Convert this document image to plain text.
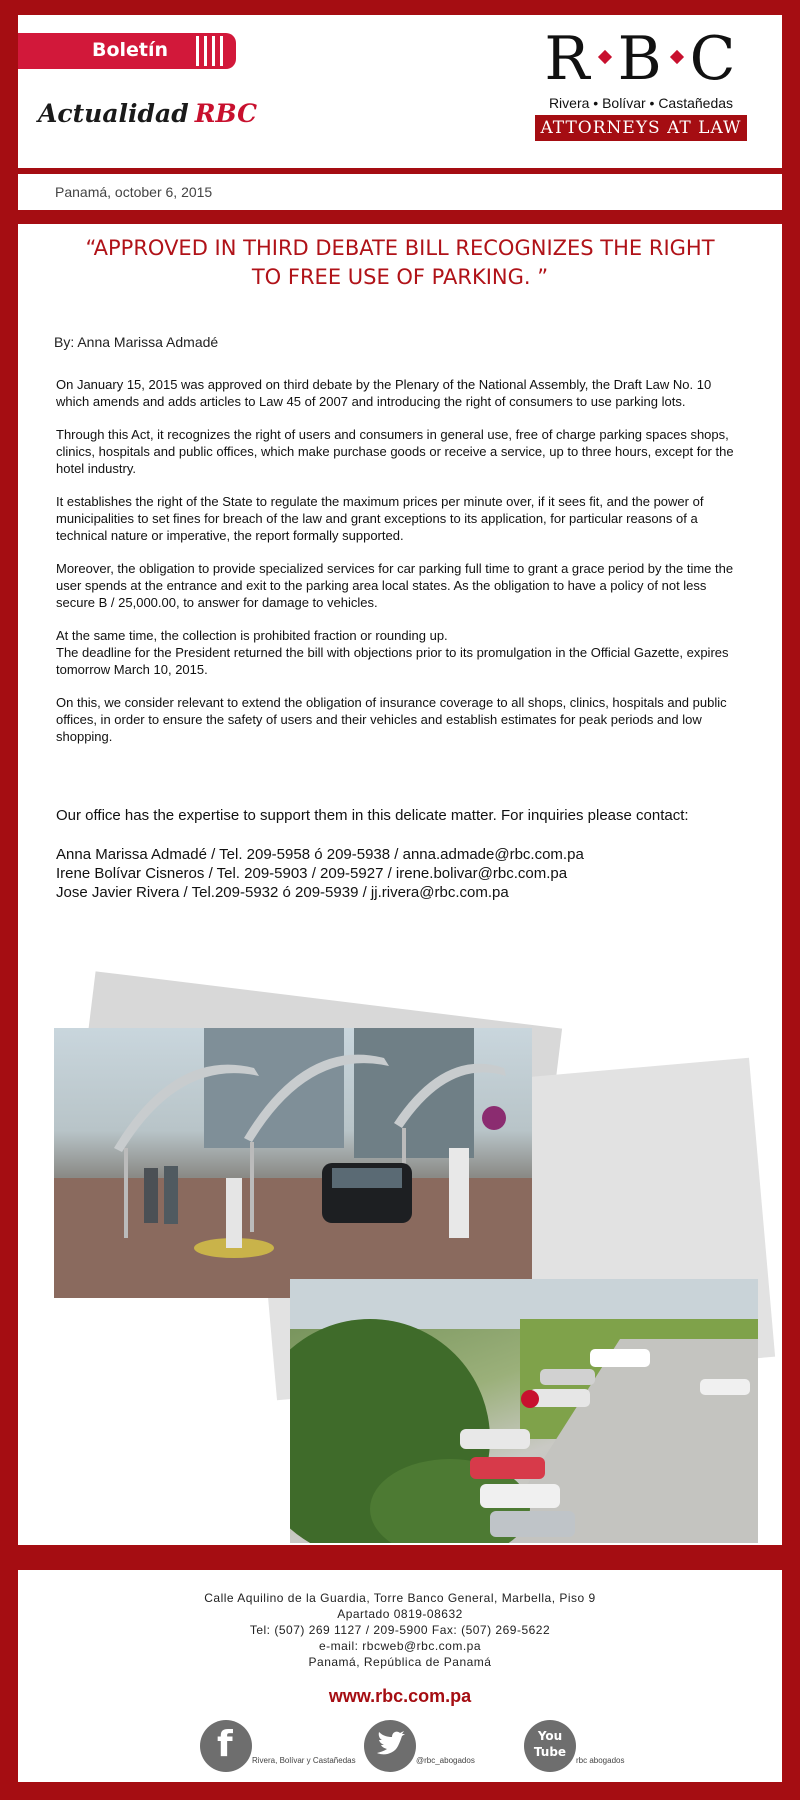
Boletín
Actualidad RBC
R B C
Rivera • Bolívar • Castañedas
ATTORNEYS AT LAW
Panamá, october 6, 2015
“APPROVED IN THIRD DEBATE BILL RECOGNIZES THE RIGHT TO FREE USE OF PARKING. ”
By: Anna Marissa Admadé

On January 15, 2015 was approved on third debate by the Plenary of the National Assembly, the Draft Law No. 10 which amends and adds articles to Law 45 of 2007 and introducing the right of consumers to use parking lots.

Through this Act, it recognizes the right of users and consumers in general use, free of charge parking spaces shops, clinics, hospitals and public offices, which make purchase goods or receive a service, up to three hours, except for the hotel industry.

It establishes the right of the State to regulate the maximum prices per minute over, if it sees fit, and the power of municipalities to set fines for breach of the law and grant exceptions to its application, for particular reasons of a technical nature or imperative, the report formally supported.

Moreover, the obligation to provide specialized services for car parking full time to grant a grace period by the time the user spends at the entrance and exit to the parking area local states. As the obligation to have a policy of not less secure B / 25,000.00, to answer for damage to vehicles.

At the same time, the collection is prohibited fraction or rounding up.

The deadline for the President returned the bill with objections prior to its promulgation in the Official Gazette, expires tomorrow March 10, 2015.

On this, we consider relevant to extend the obligation of insurance coverage to all shops, clinics, hospitals and public offices, in order to ensure the safety of users and their vehicles and establish estimates for peak periods and low shopping.

Our office has the expertise to support them in this delicate matter. For inquiries please contact:

Anna Marissa Admadé / Tel. 209-5958 ó 209-5938 / anna.admade@rbc.com.pa
Irene Bolívar Cisneros / Tel. 209-5903 / 209-5927 / irene.bolivar@rbc.com.pa
Jose Javier Rivera / Tel.209-5932 ó 209-5939 / jj.rivera@rbc.com.pa
Calle Aquilino de la Guardia, Torre Banco General, Marbella, Piso 9
Apartado 0819-08632
Tel: (507) 269 1127 / 209-5900 Fax: (507) 269-5622
e-mail: rbcweb@rbc.com.pa
Panamá, República de Panamá
www.rbc.com.pa
f Rivera, Bolívar y Castañedas	@rbc_abogados
You Tube
rbc abogados
